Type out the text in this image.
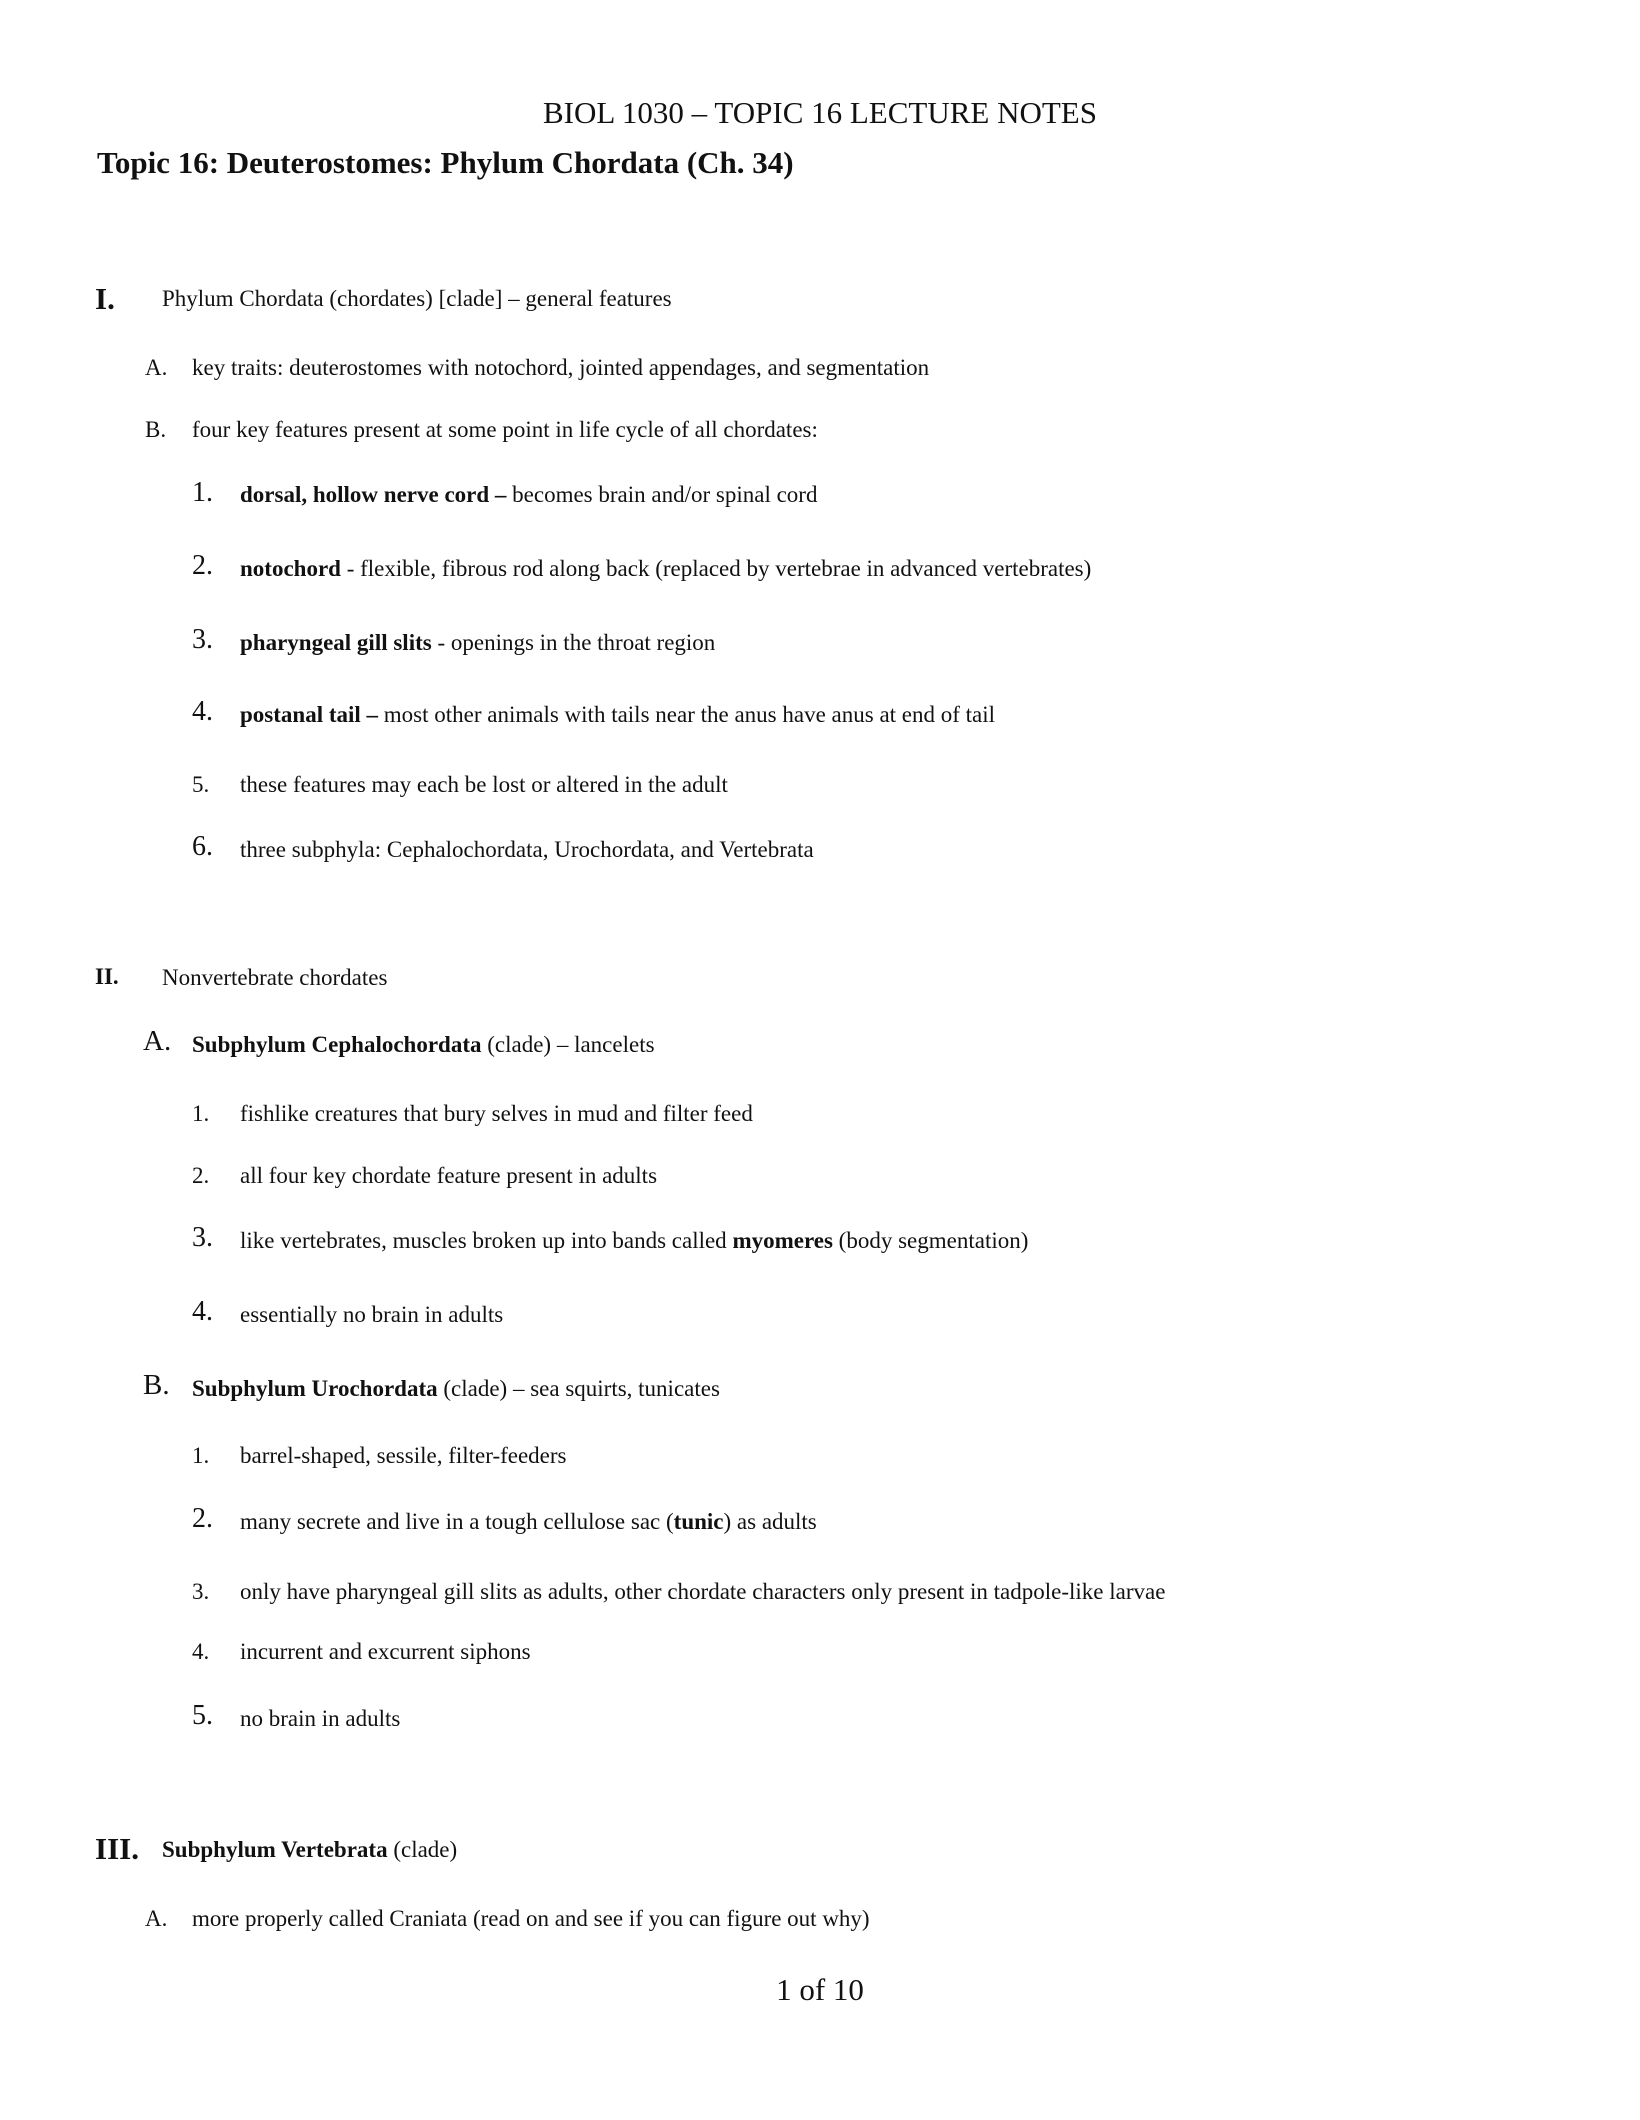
BIOL 1030 – TOPIC 16 LECTURE NOTES
Topic 16: Deuterostomes: Phylum Chordata (Ch. 34)
I. Phylum Chordata (chordates) [clade] – general features
A. key traits: deuterostomes with notochord, jointed appendages, and segmentation
B. four key features present at some point in life cycle of all chordates:
1. dorsal, hollow nerve cord – becomes brain and/or spinal cord
2. notochord - flexible, fibrous rod along back (replaced by vertebrae in advanced vertebrates)
3. pharyngeal gill slits - openings in the throat region
4. postanal tail – most other animals with tails near the anus have anus at end of tail
5. these features may each be lost or altered in the adult
6. three subphyla: Cephalochordata, Urochordata, and Vertebrata
II. Nonvertebrate chordates
A. Subphylum Cephalochordata (clade) – lancelets
1. fishlike creatures that bury selves in mud and filter feed
2. all four key chordate feature present in adults
3. like vertebrates, muscles broken up into bands called myomeres (body segmentation)
4. essentially no brain in adults
B. Subphylum Urochordata (clade) – sea squirts, tunicates
1. barrel-shaped, sessile, filter-feeders
2. many secrete and live in a tough cellulose sac (tunic) as adults
3. only have pharyngeal gill slits as adults, other chordate characters only present in tadpole-like larvae
4. incurrent and excurrent siphons
5. no brain in adults
III. Subphylum Vertebrata (clade)
A. more properly called Craniata (read on and see if you can figure out why)
1 of 10
